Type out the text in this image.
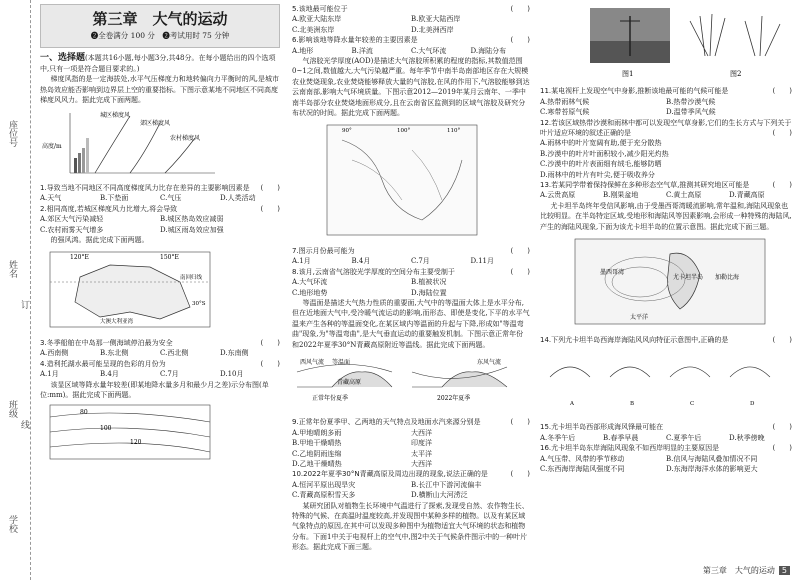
座位号
姓名
班级
学校
订
线
第三章　大气的运动
❷全卷满分 100 分　❷考试用时 75 分钟

一、选择题(本题共16小题,每小题3分,共48分。在每小题给出的四个选项中,只有一项是符合题目要求的。)

梯度风指的是一定海拔处,水平气压梯度力和地转偏向力平衡时的风,是城市热岛效应能否影响到边界层上空的重要指标。下图示意某地不同地区不同高度梯度风风力。据此完成下面两题。

高度/m
城区梯度风
郊区梯度风
农村梯度风

1.导致当地不同地区不同高度梯度风力比存在差异的主要影响因素是 (　　)

A.天气	B.下垫面	C.气压	D.人类活动

2.相同高度,若城区梯度风力比增大,将会导致	(　　)

A.郊区大气污染减轻	B.城区热岛效应减弱
C.农村雨雾天气增多	D.城区雨岛效应加强

的强风鸿。据此完成下面两题。

120°E	150°E
南回归线
30°S
大澳大利亚湾

3.冬季船舶在中岛那一侧海域停泊最为安全	(　　)

A.西南侧	B.东北侧	C.西北侧	D.东南侧

4.造利托湖水最可能呈现的色彩的月份为	(　　)

A.1月	B.4月	C.7月	D.10月

该显区域等降水量年较差(即某地降水量多月和最少月之差)示分布图(单位:mm)。据此完成下面两题。

80
100
120

5.该地最可能位于	(　　)

A.欧亚大陆东岸	B.欧亚大陆西岸
C.北美洲东岸	D.北美洲西岸

6.影响该地等降水量年较差的主要因素是	(　　)

A.地形	B.洋流	C.大气环流	D.海陆分布

气溶胶光学厚度(AOD)是描述大气溶胶所积累的程度的指标,其数值范围0~1之间,数值越大,大气污染越严重。每年季节中南半岛南部地区存在大规模农业焚烧现象,农业焚烧能够释放大量的气溶胶,在风的作用下,气溶胶能够到达云南南部,影响大气环境质量。下图示意2012—2019年某月云南年、一季中南半岛部分农业焚烧地面形成分,且在云南省区监测到的区域气溶胶及研究分布状况的时间。据此完成下面两题。

90°	100°	110°

7.图示月份最可能为	(　　)

A.1月	B.4月	C.7月	D.11月

8.该月,云南省气溶胶光学厚度的空间分布主要受制于	(　　)

A.大气环流	B.植被状况
C.地形地势	D.海陆位置

等温面是描述大气热力性质的重要面,大气中的等温面大体上是水平分布,但在近地面大气中,受冷暖气流运动的影响,而形态、即使是变化,下平的水平气温来产生各种的等温面变化,在某区域内等温面的升起与下降,形成如"等温弯曲"现象,为"等温弯曲",是大气垂直运动的重要触发机制。下图示意正常年份和2022年夏季30°N青藏高原附近等温线。据此完成下面两题。

西风气流 等温面	东风气流
青藏高原
正常年份夏季	2022年夏季

9.正常年份夏季甲、乙两地的天气特点及地面水汽来源分别是	(　　)

A.甲地晴朗多雨	大西洋
B.甲地干燥晴热	印度洋
C.乙地阴雨连绵	太平洋
D.乙地干燥晴热	大西洋

10.2022年夏季30°N青藏高原及周边出现的现象,说法正确的是	(　　)

A.恒河平原出现旱灾	B.长江中下游河流偏丰
C.青藏高原积雪天多	D.横断山大河涝泛

某研究团队对植物生长环境中气温进行了探索,发现受自然、农作物生长、特殊的气候、在高温时温度较高,并发现图中某种多样的植物。以及有某区域气象特点的原因,在其中可以发现多种图中为植物适宜大气环境的状态和植物分布。下面1中关于电视杆上的空气中,图2中关于气候条件图示中的一种叶片形态。据此完成下面三题。

图1	图2

11.某电视杆上发现空气中身影,推断该地最可能的气候可能是	(　　)

A.热带雨林气候	B.热带沙漠气候
C.寒带苔原气候	D.温带季风气候

12.若该区域热带沙漠和雨林中都可以发现空气草身影,它们的生长方式与下列关于叶片适应环境的叙述正确的是	(　　)

A.雨林中的叶片宽阔有助,便于充分散热

B.沙漠中的叶片叶面积较小,减少阳光灼热

C.沙漠中的叶片表面细有绒毛,能够防晒

D.雨林中的叶片有叶尖,便于吸收养分

13.若某同学带着保持保鲜在多种形态空气草,推测其研究地区可能是	(　　)

A.云贵高原	B.刚果盆地	C.黄土高原	D.青藏高原

尤卡坦半岛终年受信风影响,由于受墨西哥湾暖流影响,常年温和,海陆风现象也比较明显。在半岛特定区域,受地形和海陆风等因素影响,会形成一种特殊的海陆风,产生的海陆风现象,下面为该尤卡坦半岛的位置示意图。据此完成下面三题。

墨西哥湾
尤卡坦半岛 加勒比海
太平洋

14.下列尤卡坦半岛西海岸海陆风风向特征示意图中,正确的是	(　　)

A	B	C	D

15.尤卡坦半岛西部形成海风锋最可能在	(　　)

A.冬季午后	B.春季早晨	C.夏季午后	D.秋季傍晚

16.尤卡坦半岛东岸海陆风现象不如西岸明显的主要原因是	(　　)

A.气压带、风带的季节移动	B.信风与海陆风叠加情况不同
C.东西海岸海陆风强度不同	D.东海岸海洋水体的影响更大
第三章　大气的运动 5
